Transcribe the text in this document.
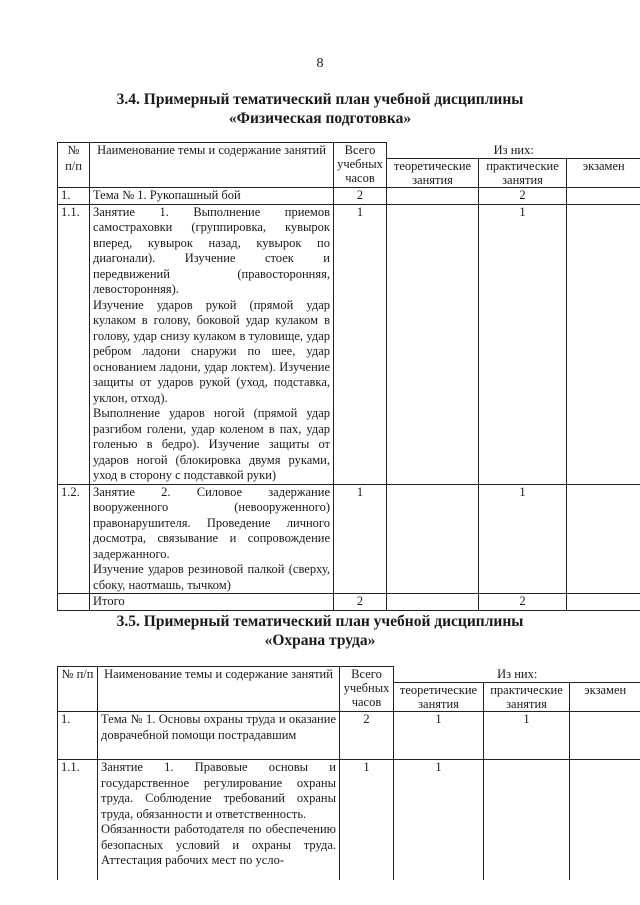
8
3.4. Примерный тематический план учебной дисциплины
«Физическая подготовка»
№ п/п	Наименование темы и содержание занятий	Всего учебных часов	Из них:		
			теоретические занятия	практические занятия	экзамен
1.	Тема № 1. Рукопашный бой	2		2	
1.1.	Занятие 1. Выполнение приемов самостраховки (группировка, кувырок вперед, кувырок назад, кувырок по диагонали). Изучение стоек и передвижений (правосторонняя, левосторонняя).
Изучение ударов рукой (прямой удар кулаком в голову, боковой удар кулаком в голову, удар снизу кулаком в туловище, удар ребром ладони снаружи по шее, удар основанием ладони, удар локтем). Изучение защиты от ударов рукой (уход, подставка, уклон, отход).
Выполнение ударов ногой (прямой удар разгибом голени, удар коленом в пах, удар голенью в бедро). Изучение защиты от ударов ногой (блокировка двумя руками, уход в сторону с подставкой руки)	1		1	
1.2.	Занятие 2. Силовое задержание вооруженного (невооруженного) правонарушителя. Проведение личного досмотра, связывание и сопровождение задержанного.
Изучение ударов резиновой палкой (сверху, сбоку, наотмашь, тычком)	1		1	

	Итого	2		2	
3.5. Примерный тематический план учебной дисциплины
«Охрана труда»
№ п/п	Наименование темы и содержание занятий	Всего учебных часов	Из них:		
			теоретические занятия	практические занятия	экзамен
1.	Тема № 1. Основы охраны труда и оказание доврачебной помощи пострадавшим	2	1	1	
1.1.	Занятие 1. Правовые основы и государственное регулирование охраны труда. Соблюдение требований охраны труда, обязанности и ответственность.
Обязанности работодателя по обеспечению безопасных условий и охраны труда. Аттестация рабочих мест по усло-	1	1		
